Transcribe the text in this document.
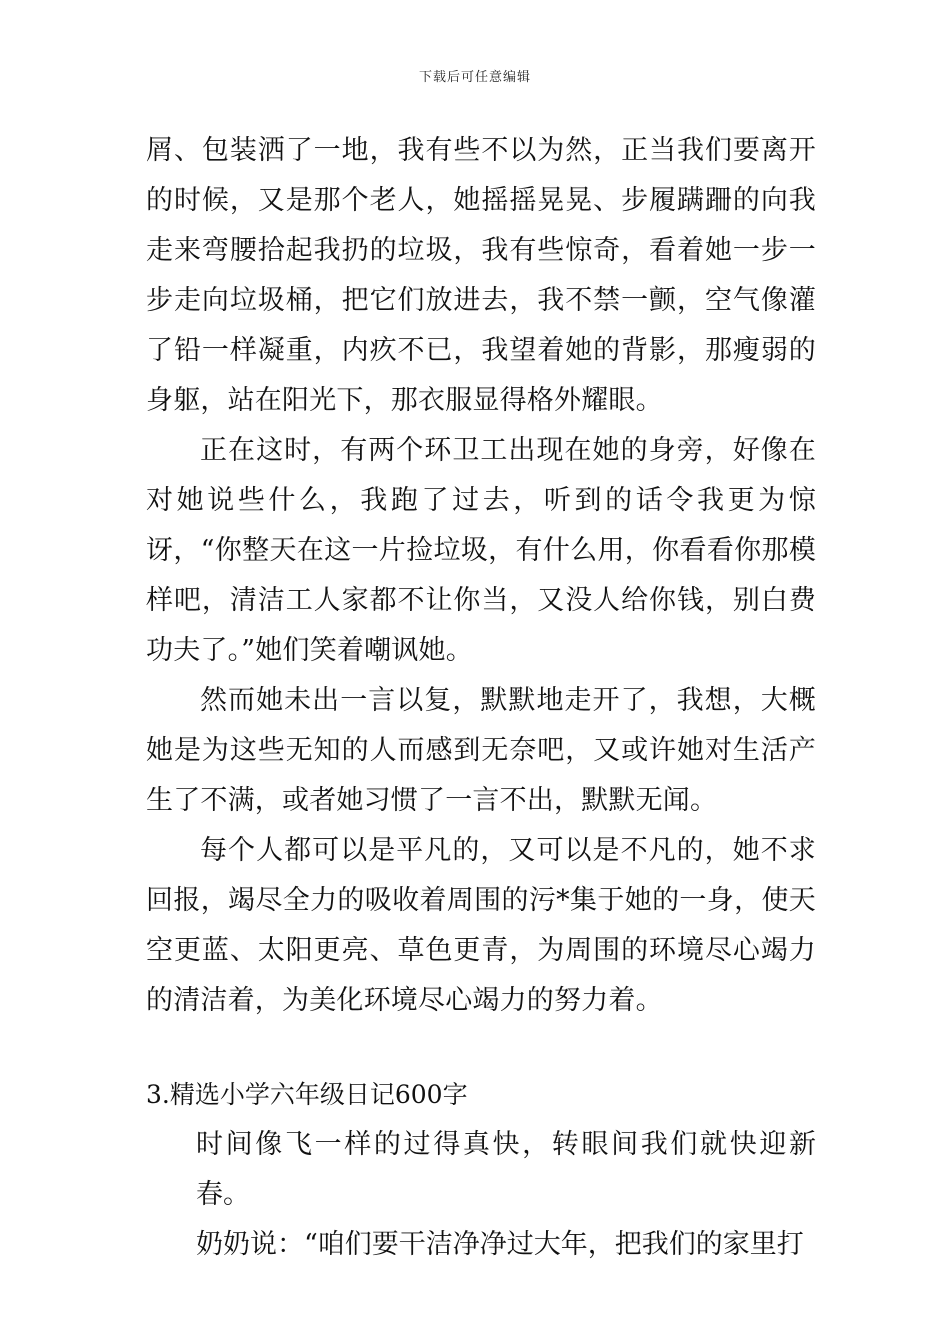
下载后可任意编辑

屑、包装洒了一地，我有些不以为然，正当我们要离开的时候，又是那个老人，她摇摇晃晃、步履蹒跚的向我走来弯腰拾起我扔的垃圾，我有些惊奇，看着她一步一步走向垃圾桶，把它们放进去，我不禁一颤，空气像灌了铅一样凝重，内疚不已，我望着她的背影，那瘦弱的身躯，站在阳光下，那衣服显得格外耀眼。

正在这时，有两个环卫工出现在她的身旁，好像在对她说些什么，我跑了过去，听到的话令我更为惊讶，“你整天在这一片捡垃圾，有什么用，你看看你那模样吧，清洁工人家都不让你当，又没人给你钱，别白费功夫了。”她们笑着嘲讽她。

然而她未出一言以复，默默地走开了，我想，大概她是为这些无知的人而感到无奈吧，又或许她对生活产生了不满，或者她习惯了一言不出，默默无闻。

每个人都可以是平凡的，又可以是不凡的，她不求回报，竭尽全力的吸收着周围的污*集于她的一身，使天空更蓝、太阳更亮、草色更青，为周围的环境尽心竭力的清洁着，为美化环境尽心竭力的努力着。

3.精选小学六年级日记600字

时间像飞一样的过得真快，转眼间我们就快迎新春。

奶奶说：“咱们要干洁净净过大年，把我们的家里打
